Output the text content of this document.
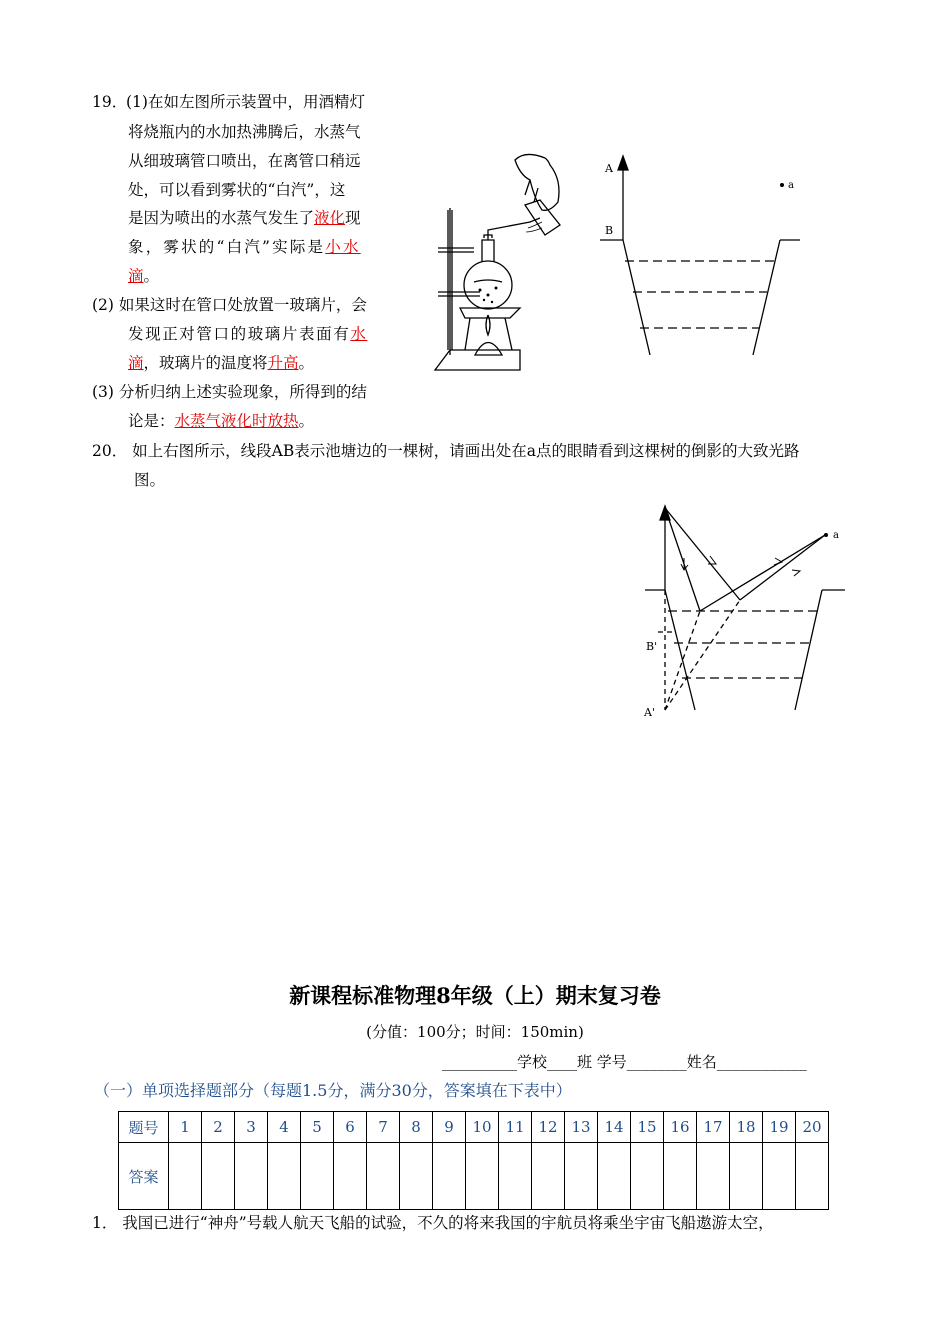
19．
(1)在如左图所示装置中，用酒精灯
将烧瓶内的水加热沸腾后，水蒸气
从细玻璃管口喷出，在离管口稍远
处，可以看到雾状的“白汽”，这
是因为喷出的水蒸气发生了液化现
象，雾状的“白汽”实际是小水
滴。
(2) 如果这时在管口处放置一玻璃片，会
发现正对管口的玻璃片表面有水
滴，玻璃片的温度将升高。
(3) 分析归纳上述实验现象，所得到的结
论是：水蒸气液化时放热。
20． 如上右图所示，线段AB表示池塘边的一棵树，请画出处在a点的眼睛看到这棵树的倒影的大致光路
图。
A
B
a
a
B'
A'
新课程标准物理8年级（上）期末复习卷
(分值：100分；时间：150min)
__________学校____班 学号________姓名____________
（一）单项选择题部分（每题1.5分，满分30分，答案填在下表中）
题号	1	2	3	4	5	6	7	8	9	10	11	12	13	14	15	16	17	18	19	20
答案																				
1． 我国已进行“神舟”号载人航天飞船的试验，不久的将来我国的宇航员将乘坐宇宙飞船遨游太空，
